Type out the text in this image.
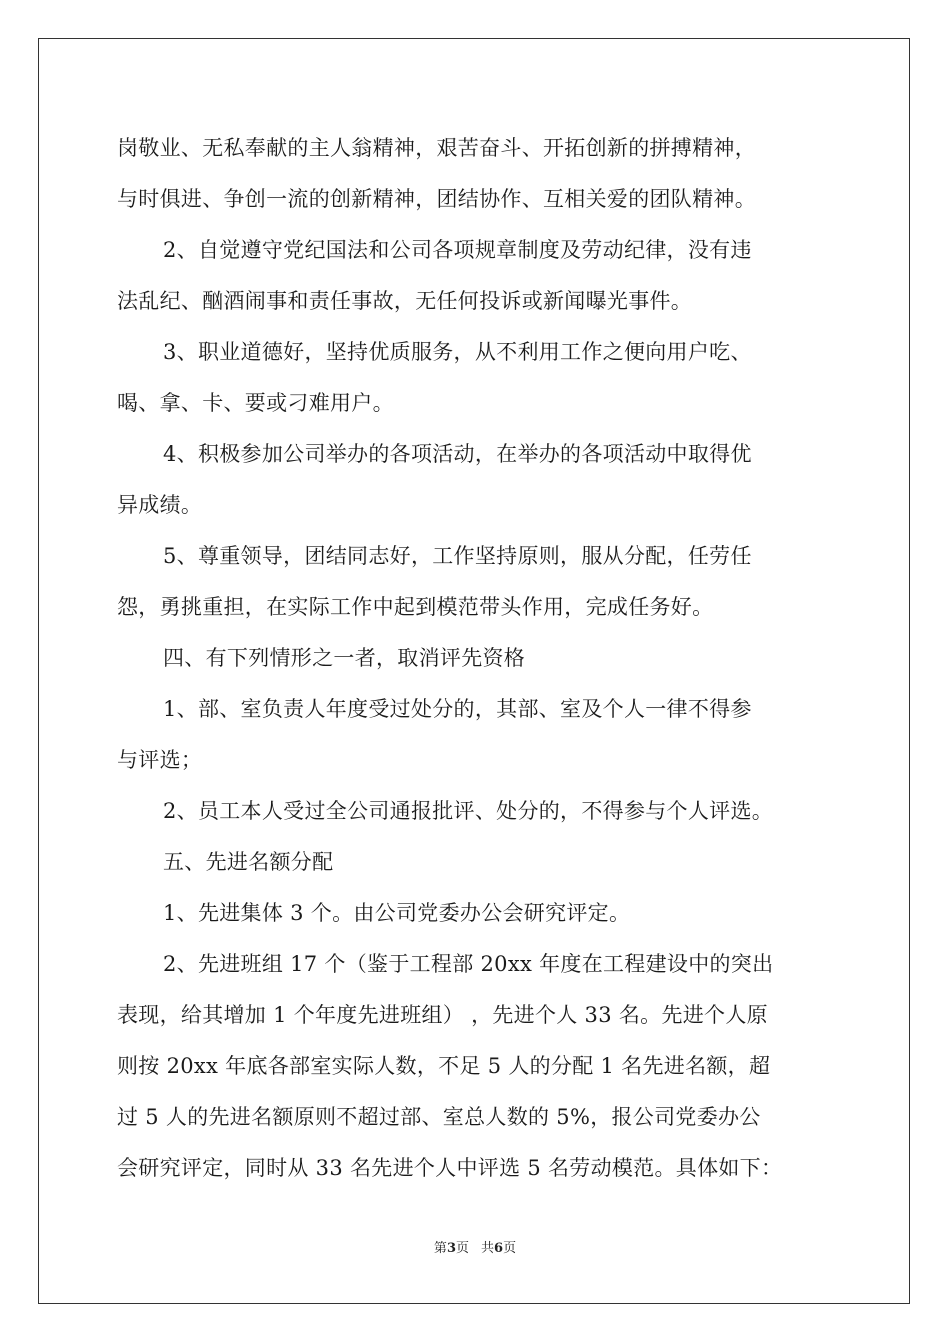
岗敬业、无私奉献的主人翁精神，艰苦奋斗、开拓创新的拼搏精神，
与时俱进、争创一流的创新精神，团结协作、互相关爱的团队精神。
2、自觉遵守党纪国法和公司各项规章制度及劳动纪律，没有违
法乱纪、酗酒闹事和责任事故，无任何投诉或新闻曝光事件。
3、职业道德好，坚持优质服务，从不利用工作之便向用户吃、
喝、拿、卡、要或刁难用户。
4、积极参加公司举办的各项活动，在举办的各项活动中取得优
异成绩。
5、尊重领导，团结同志好，工作坚持原则，服从分配，任劳任
怨，勇挑重担，在实际工作中起到模范带头作用，完成任务好。
四、有下列情形之一者，取消评先资格
1、部、室负责人年度受过处分的，其部、室及个人一律不得参
与评选；
2、员工本人受过全公司通报批评、处分的，不得参与个人评选。
五、先进名额分配
1、先进集体 3 个。由公司党委办公会研究评定。
2、先进班组 17 个（鉴于工程部 20xx 年度在工程建设中的突出
表现，给其增加 1 个年度先进班组） ，先进个人 33 名。先进个人原
则按 20xx 年底各部室实际人数，不足 5 人的分配 1 名先进名额，超
过 5 人的先进名额原则不超过部、室总人数的 5%，报公司党委办公
会研究评定，同时从 33 名先进个人中评选 5 名劳动模范。具体如下：
第3页 共6页
